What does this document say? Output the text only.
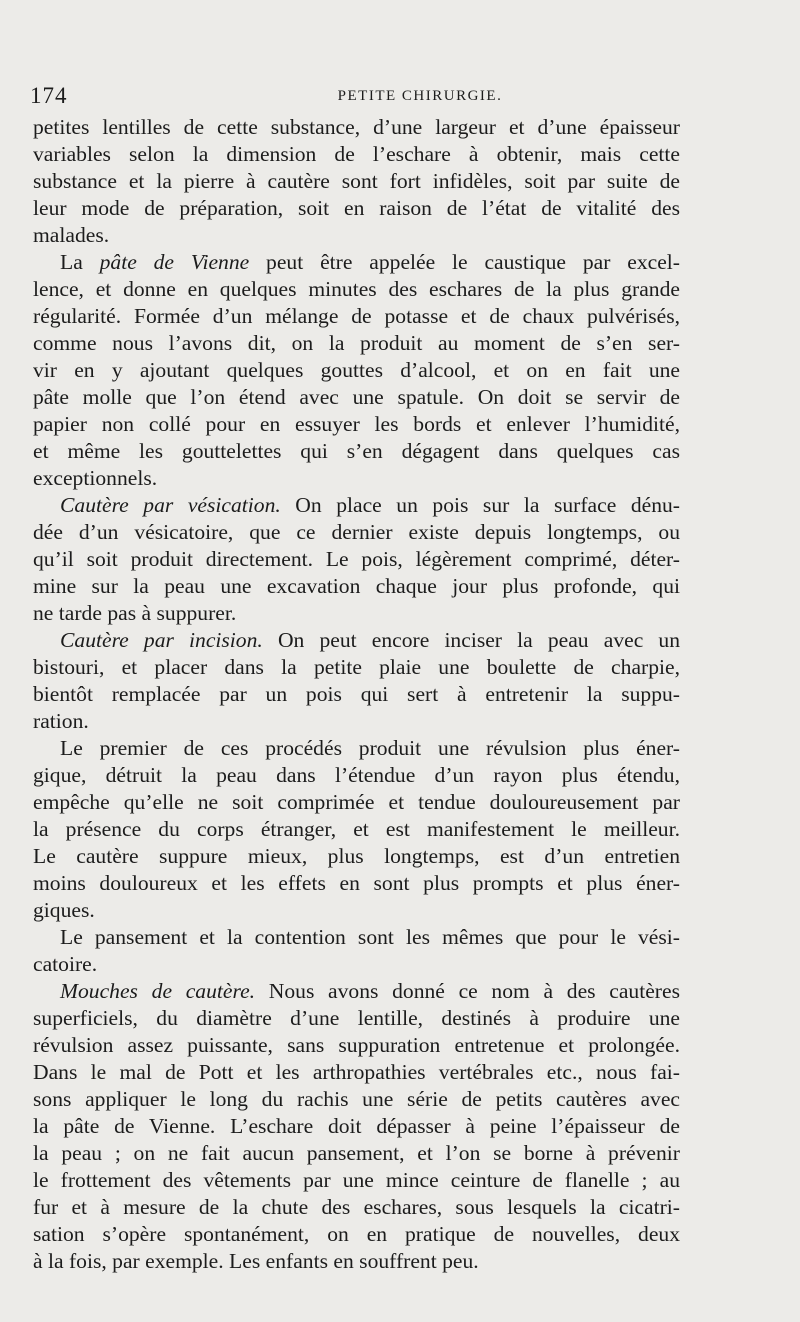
174	PETITE CHIRURGIE.
petites lentilles de cette substance, d’une largeur et d’une épaisseur
variables selon la dimension de l’eschare à obtenir, mais cette
substance et la pierre à cautère sont fort infidèles, soit par suite de
leur mode de préparation, soit en raison de l’état de vitalité des
malades.
La pâte de Vienne peut être appelée le caustique par excel-
lence, et donne en quelques minutes des eschares de la plus grande
régularité. Formée d’un mélange de potasse et de chaux pulvérisés,
comme nous l’avons dit, on la produit au moment de s’en ser-
vir en y ajoutant quelques gouttes d’alcool, et on en fait une
pâte molle que l’on étend avec une spatule. On doit se servir de
papier non collé pour en essuyer les bords et enlever l’humidité,
et même les gouttelettes qui s’en dégagent dans quelques cas
exceptionnels.
Cautère par vésication. On place un pois sur la surface dénu-
dée d’un vésicatoire, que ce dernier existe depuis longtemps, ou
qu’il soit produit directement. Le pois, légèrement comprimé, déter-
mine sur la peau une excavation chaque jour plus profonde, qui
ne tarde pas à suppurer.
Cautère par incision. On peut encore inciser la peau avec un
bistouri, et placer dans la petite plaie une boulette de charpie,
bientôt remplacée par un pois qui sert à entretenir la suppu-
ration.
Le premier de ces procédés produit une révulsion plus éner-
gique, détruit la peau dans l’étendue d’un rayon plus étendu,
empêche qu’elle ne soit comprimée et tendue douloureusement par
la présence du corps étranger, et est manifestement le meilleur.
Le cautère suppure mieux, plus longtemps, est d’un entretien
moins douloureux et les effets en sont plus prompts et plus éner-
giques.
Le pansement et la contention sont les mêmes que pour le vési-
catoire.
Mouches de cautère. Nous avons donné ce nom à des cautères
superficiels, du diamètre d’une lentille, destinés à produire une
révulsion assez puissante, sans suppuration entretenue et prolongée.
Dans le mal de Pott et les arthropathies vertébrales etc., nous fai-
sons appliquer le long du rachis une série de petits cautères avec
la pâte de Vienne. L’eschare doit dépasser à peine l’épaisseur de
la peau ; on ne fait aucun pansement, et l’on se borne à prévenir
le frottement des vêtements par une mince ceinture de flanelle ; au
fur et à mesure de la chute des eschares, sous lesquels la cicatri-
sation s’opère spontanément, on en pratique de nouvelles, deux
à la fois, par exemple. Les enfants en souffrent peu.
